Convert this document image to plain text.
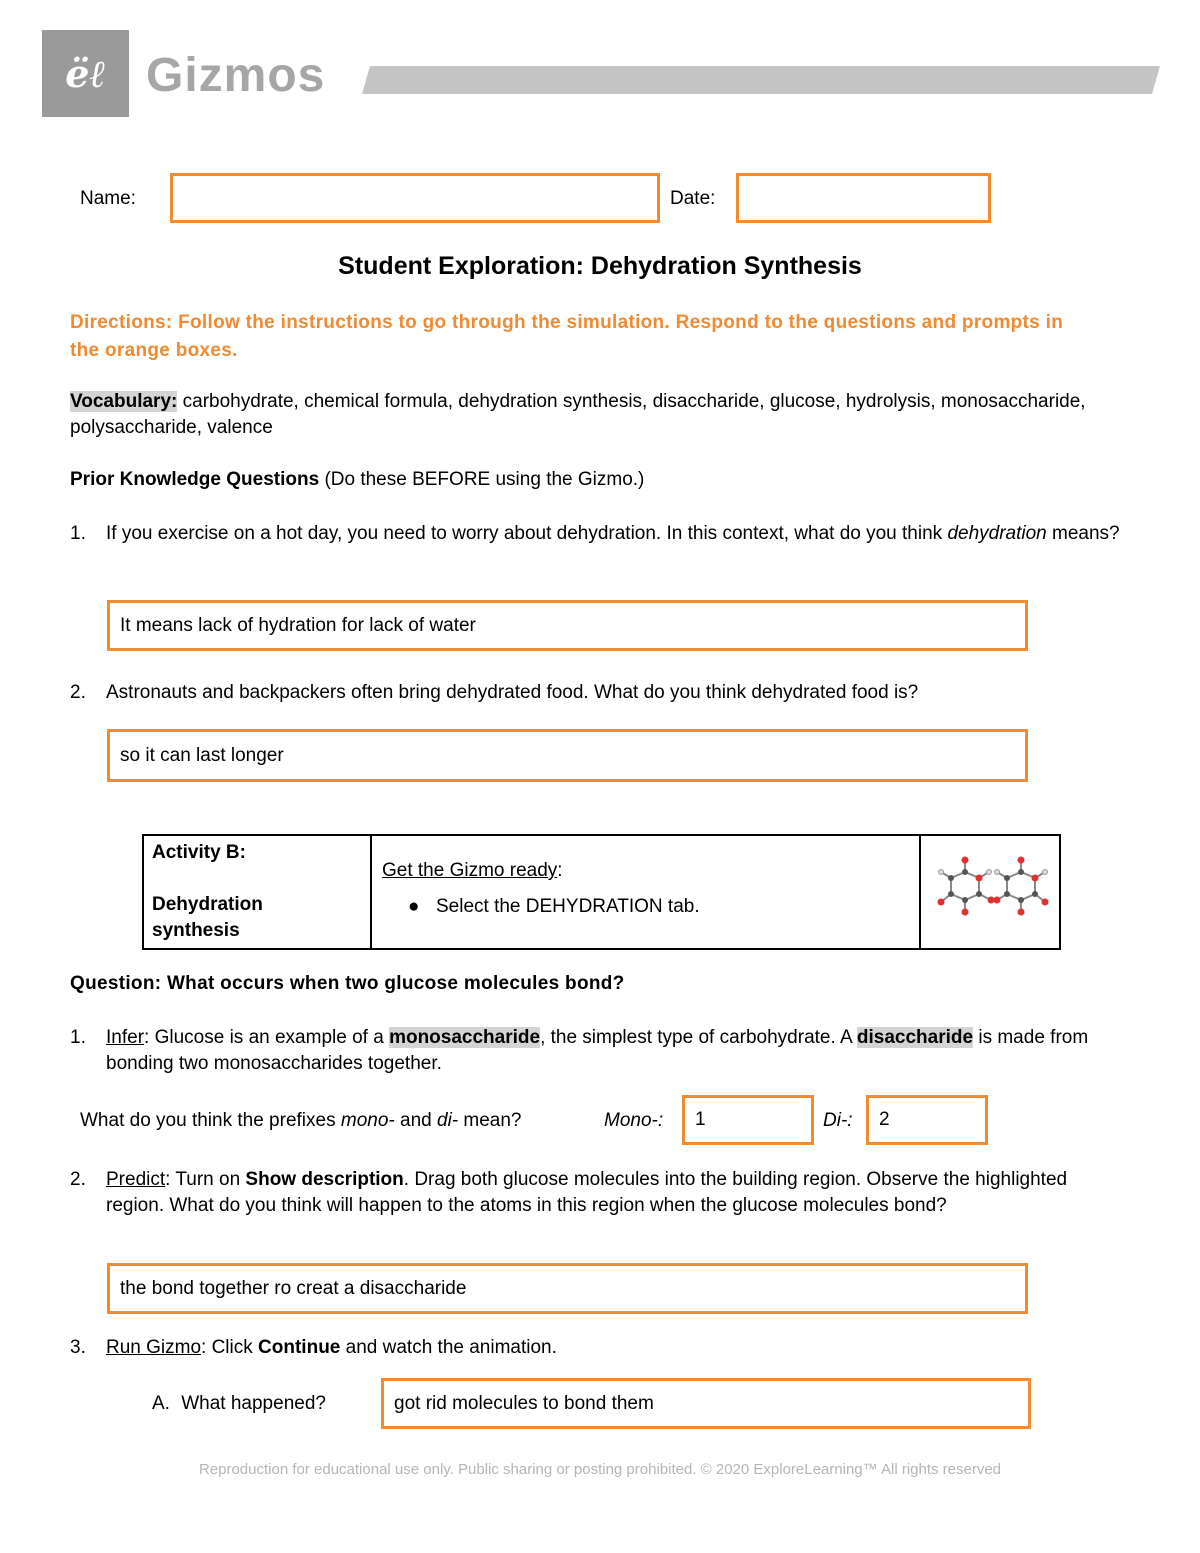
ëℓ Gizmos
Name:	Date:
Student Exploration: Dehydration Synthesis
Directions: Follow the instructions to go through the simulation. Respond to the questions and prompts in the orange boxes.
Vocabulary: carbohydrate, chemical formula, dehydration synthesis, disaccharide, glucose, hydrolysis, monosaccharide, polysaccharide, valence
Prior Knowledge Questions (Do these BEFORE using the Gizmo.)
1. If you exercise on a hot day, you need to worry about dehydration. In this context, what do you think dehydration means?
It means lack of hydration for lack of water
2. Astronauts and backpackers often bring dehydrated food. What do you think dehydrated food is?
so it can last longer
Activity B:
Dehydration synthesis

Get the Gizmo ready:
● Select the DEHYDRATION tab.

Question: What occurs when two glucose molecules bond?
1. Infer: Glucose is an example of a monosaccharide, the simplest type of carbohydrate. A disaccharide is made from bonding two monosaccharides together.
What do you think the prefixes mono- and di- mean?	Mono-: 1	Di-: 2
2. Predict: Turn on Show description. Drag both glucose molecules into the building region. Observe the highlighted region. What do you think will happen to the atoms in this region when the glucose molecules bond?
the bond together ro creat a disaccharide
3. Run Gizmo: Click Continue and watch the animation.
A. What happened?	got rid molecules to bond them
Reproduction for educational use only. Public sharing or posting prohibited. © 2020 ExploreLearning™ All rights reserved
